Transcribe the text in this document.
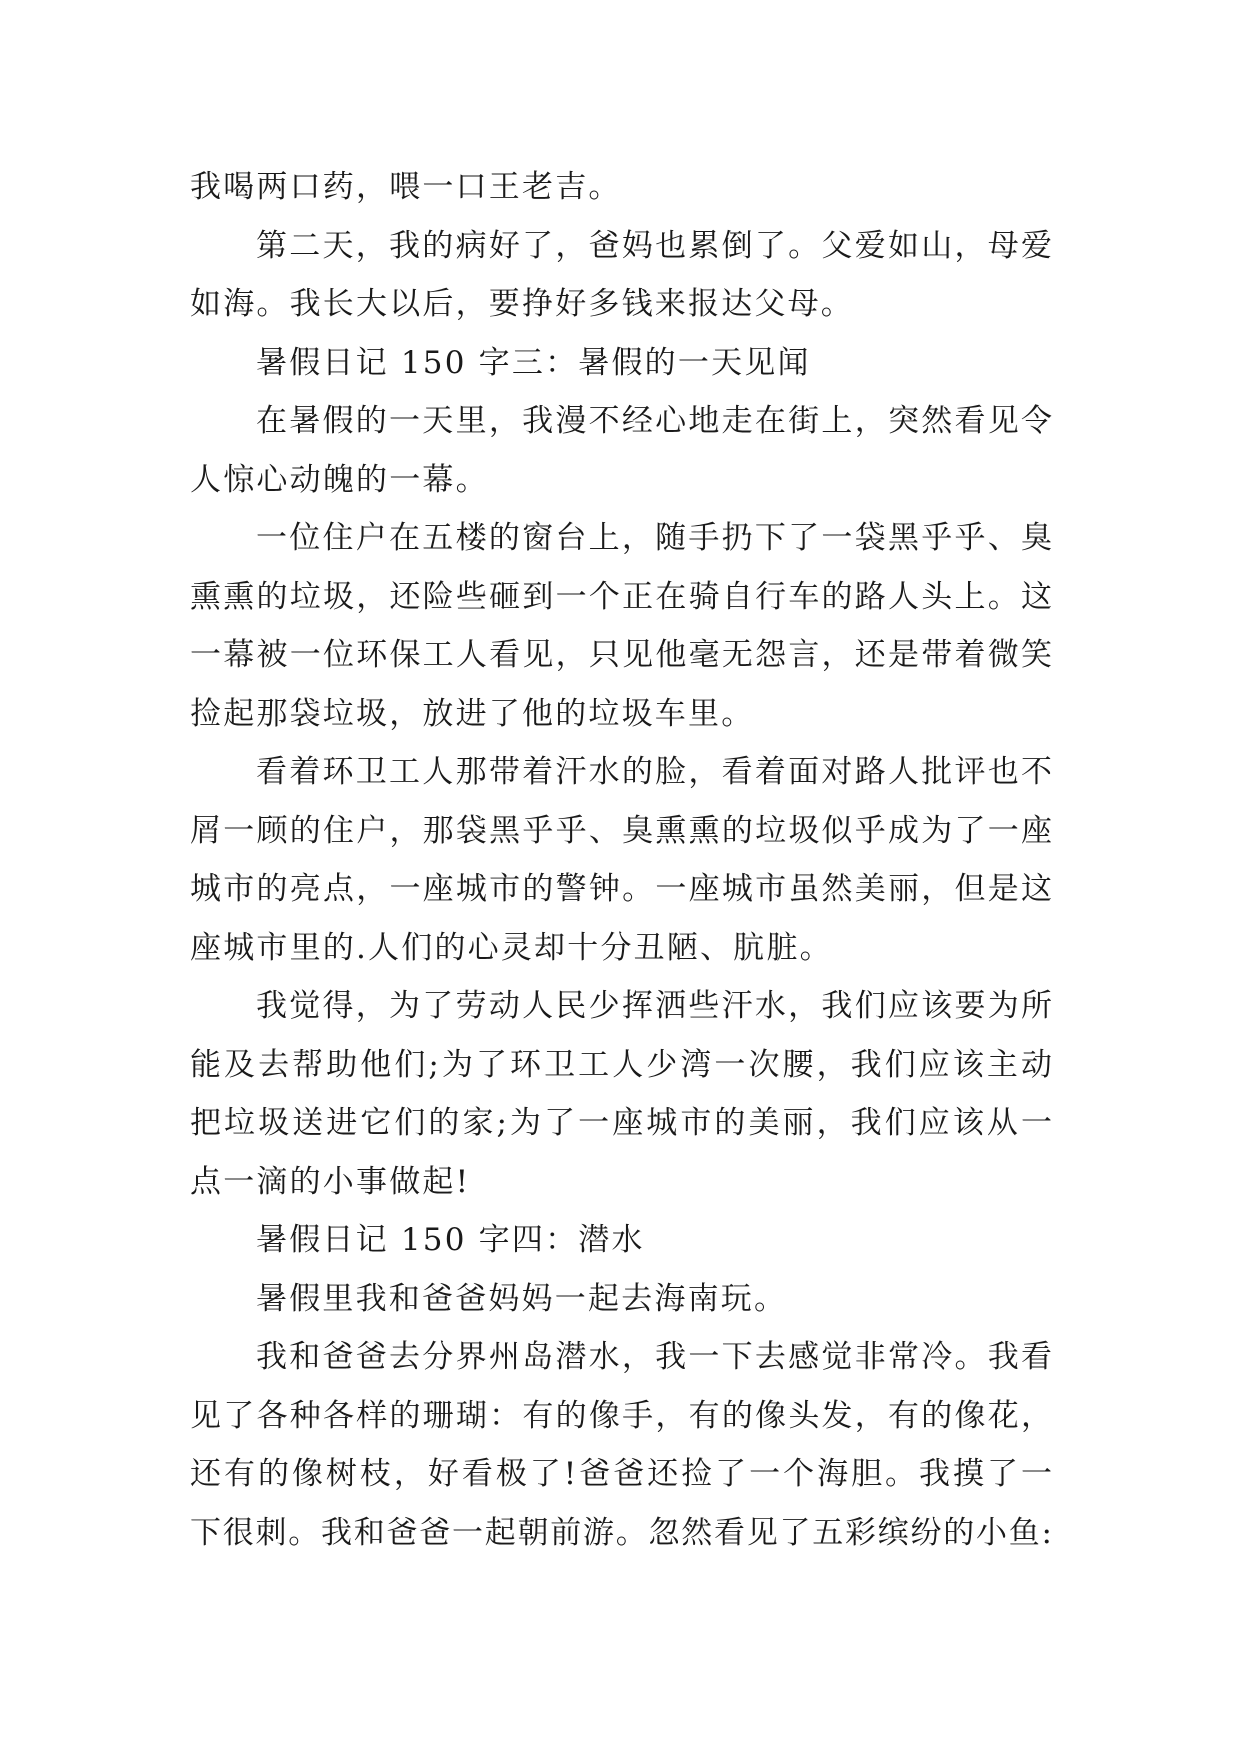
我喝两口药，喂一口王老吉。
第二天，我的病好了，爸妈也累倒了。父爱如山，母爱
如海。我长大以后，要挣好多钱来报达父母。
暑假日记 150 字三：暑假的一天见闻
在暑假的一天里，我漫不经心地走在街上，突然看见令
人惊心动魄的一幕。
一位住户在五楼的窗台上，随手扔下了一袋黑乎乎、臭
熏熏的垃圾，还险些砸到一个正在骑自行车的路人头上。这
一幕被一位环保工人看见，只见他毫无怨言，还是带着微笑
捡起那袋垃圾，放进了他的垃圾车里。
看着环卫工人那带着汗水的脸，看着面对路人批评也不
屑一顾的住户，那袋黑乎乎、臭熏熏的垃圾似乎成为了一座
城市的亮点，一座城市的警钟。一座城市虽然美丽，但是这
座城市里的.人们的心灵却十分丑陋、肮脏。
我觉得，为了劳动人民少挥洒些汗水，我们应该要为所
能及去帮助他们;为了环卫工人少湾一次腰，我们应该主动
把垃圾送进它们的家;为了一座城市的美丽，我们应该从一
点一滴的小事做起!
暑假日记 150 字四：潜水
暑假里我和爸爸妈妈一起去海南玩。
我和爸爸去分界州岛潜水，我一下去感觉非常冷。我看
见了各种各样的珊瑚：有的像手，有的像头发，有的像花，
还有的像树枝，好看极了!爸爸还捡了一个海胆。我摸了一
下很刺。我和爸爸一起朝前游。忽然看见了五彩缤纷的小鱼:
